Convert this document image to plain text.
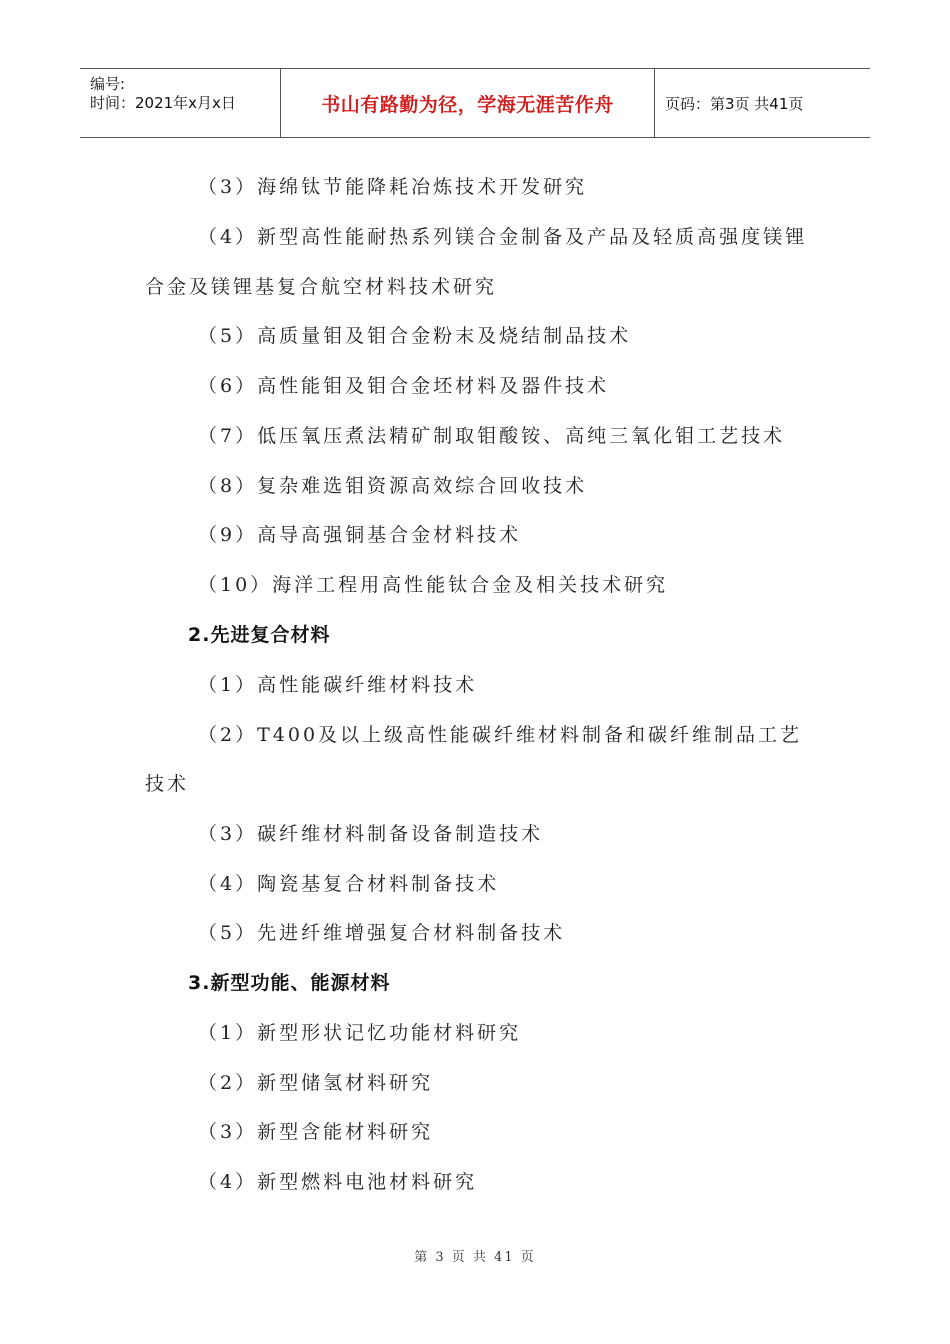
编号:
时间：2021年x月x日	书山有路勤为径，学海无涯苦作舟	页码：第3页 共41页
（3）海绵钛节能降耗冶炼技术开发研究
（4）新型高性能耐热系列镁合金制备及产品及轻质高强度镁锂
合金及镁锂基复合航空材料技术研究
（5）高质量钼及钼合金粉末及烧结制品技术
（6）高性能钼及钼合金坯材料及器件技术
（7）低压氧压煮法精矿制取钼酸铵、高纯三氧化钼工艺技术
（8）复杂难选钼资源高效综合回收技术
（9）高导高强铜基合金材料技术
（10）海洋工程用高性能钛合金及相关技术研究
2.先进复合材料
（1）高性能碳纤维材料技术
（2）T400及以上级高性能碳纤维材料制备和碳纤维制品工艺
技术
（3）碳纤维材料制备设备制造技术
（4）陶瓷基复合材料制备技术
（5）先进纤维增强复合材料制备技术
3.新型功能、能源材料
（1）新型形状记忆功能材料研究
（2）新型储氢材料研究
（3）新型含能材料研究
（4）新型燃料电池材料研究
第 3 页 共 41 页
